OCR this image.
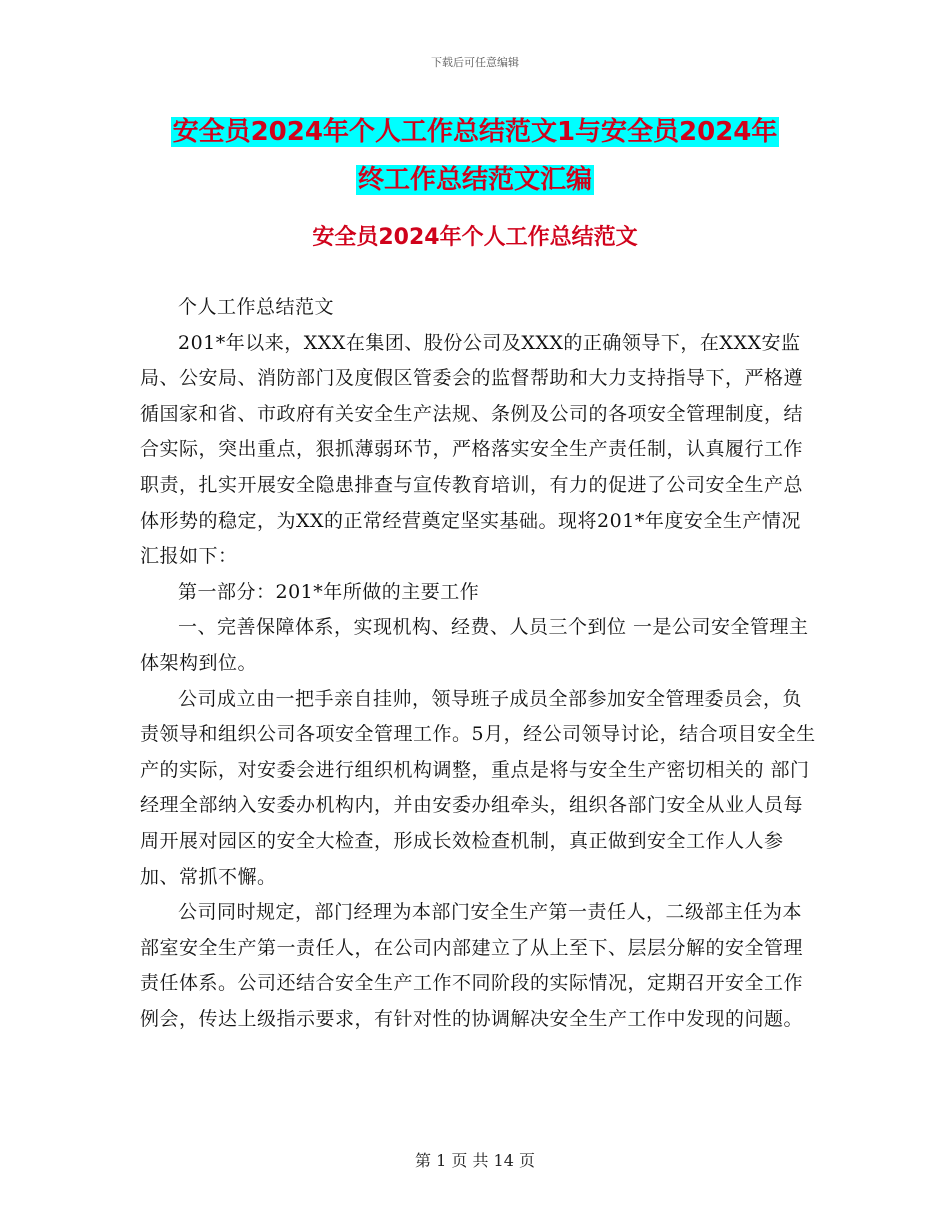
下载后可任意编辑
安全员2024年个人工作总结范文1与安全员2024年
终工作总结范文汇编
安全员2024年个人工作总结范文

个人工作总结范文

201*年以来，XXX在集团、股份公司及XXX的正确领导下，在XXX安监局、公安局、消防部门及度假区管委会的监督帮助和大力支持指导下，严格遵循国家和省、市政府有关安全生产法规、条例及公司的各项安全管理制度，结合实际，突出重点，狠抓薄弱环节，严格落实安全生产责任制，认真履行工作职责，扎实开展安全隐患排查与宣传教育培训，有力的促进了公司安全生产总体形势的稳定，为XX的正常经营奠定坚实基础。现将201*年度安全生产情况汇报如下：

第一部分：201*年所做的主要工作

一、完善保障体系，实现机构、经费、人员三个到位 一是公司安全管理主体架构到位。

公司成立由一把手亲自挂帅，领导班子成员全部参加安全管理委员会，负责领导和组织公司各项安全管理工作。5月，经公司领导讨论，结合项目安全生产的实际，对安委会进行组织机构调整，重点是将与安全生产密切相关的 部门经理全部纳入安委办机构内，并由安委办组牵头，组织各部门安全从业人员每周开展对园区的安全大检查，形成长效检查机制，真正做到安全工作人人参加、常抓不懈。

公司同时规定，部门经理为本部门安全生产第一责任人，二级部主任为本部室安全生产第一责任人，在公司内部建立了从上至下、层层分解的安全管理责任体系。公司还结合安全生产工作不同阶段的实际情况，定期召开安全工作例会，传达上级指示要求，有针对性的协调解决安全生产工作中发现的问题。

第 1 页 共 14 页
